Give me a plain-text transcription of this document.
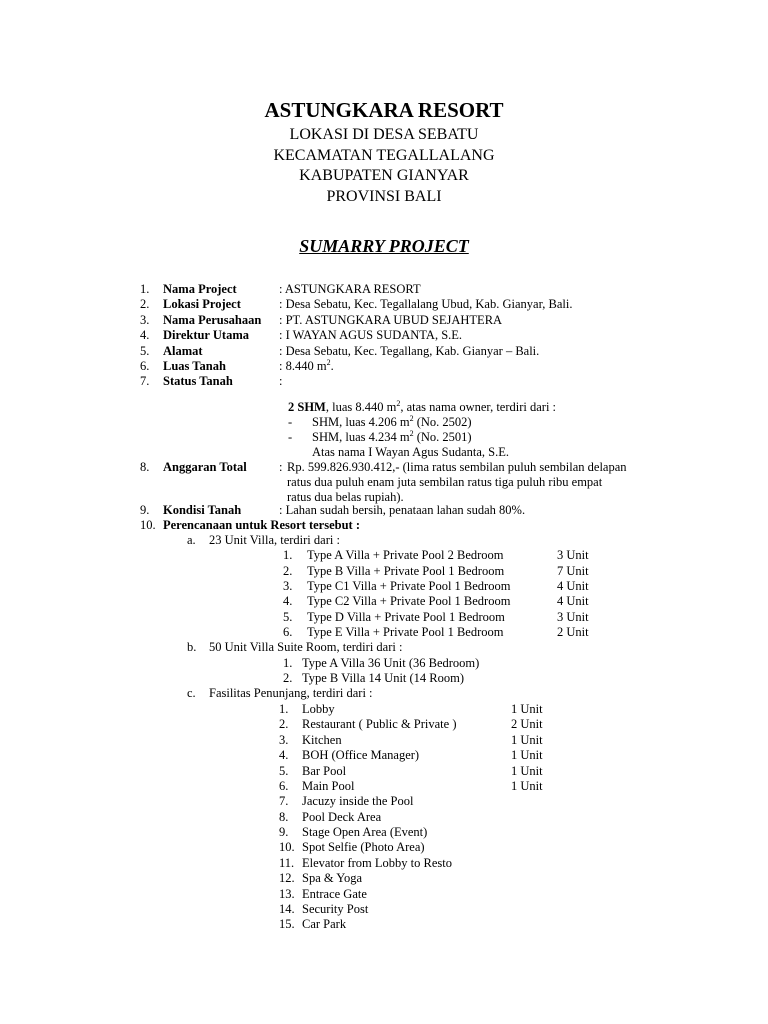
ASTUNGKARA RESORT
LOKASI DI DESA SEBATU
KECAMATAN TEGALLALANG
KABUPATEN GIANYAR
PROVINSI BALI
SUMARRY PROJECT
1. Nama Project	: ASTUNGKARA RESORT
2. Lokasi Project	: Desa Sebatu, Kec. Tegallalang Ubud, Kab. Gianyar, Bali.
3. Nama Perusahaan : PT. ASTUNGKARA UBUD SEJAHTERA
4. Direktur Utama : I WAYAN AGUS SUDANTA, S.E.
5. Alamat	: Desa Sebatu, Kec. Tegallang, Kab. Gianyar – Bali.
6. Luas Tanah	: 8.440 $m^2$.
7. Status Tanah	:
2 SHM, luas 8.440 $m^2$, atas nama owner, terdiri dari :
- SHM, luas 4.206 $m^2$ (No. 2502)
- SHM, luas 4.234 $m^2$ (No. 2501)
Atas nama I Wayan Agus Sudanta, S.E.
8. Anggaran Total	: Rp. 599.826.930.412,- (lima ratus sembilan puluh sembilan delapan
ratus dua puluh enam juta sembilan ratus tiga puluh ribu empat
ratus dua belas rupiah).
9. Kondisi Tanah	: Lahan sudah bersih, penataan lahan sudah 80%.
10. Perencanaan untuk Resort tersebut :
a. 23 Unit Villa, terdiri dari :
1. Type A Villa + Private Pool 2 Bedroom	3 Unit
2. Type B Villa + Private Pool 1 Bedroom	7 Unit
3. Type C1 Villa + Private Pool 1 Bedroom	4 Unit
4. Type C2 Villa + Private Pool 1 Bedroom	4 Unit
5. Type D Villa + Private Pool 1 Bedroom	3 Unit
6. Type E Villa + Private Pool 1 Bedroom	2 Unit
b. 50 Unit Villa Suite Room, terdiri dari :
1. Type A Villa 36 Unit (36 Bedroom)
2. Type B Villa 14 Unit (14 Room)
c. Fasilitas Penunjang, terdiri dari :
1. Lobby	1 Unit
2. Restaurant ( Public & Private )	2 Unit
3. Kitchen	1 Unit
4. BOH (Office Manager)	1 Unit
5. Bar Pool	1 Unit
6. Main Pool	1 Unit
7. Jacuzy inside the Pool
8. Pool Deck Area
9. Stage Open Area (Event)
10. Spot Selfie (Photo Area)
11. Elevator from Lobby to Resto
12. Spa & Yoga
13. Entrace Gate
14. Security Post
15. Car Park
